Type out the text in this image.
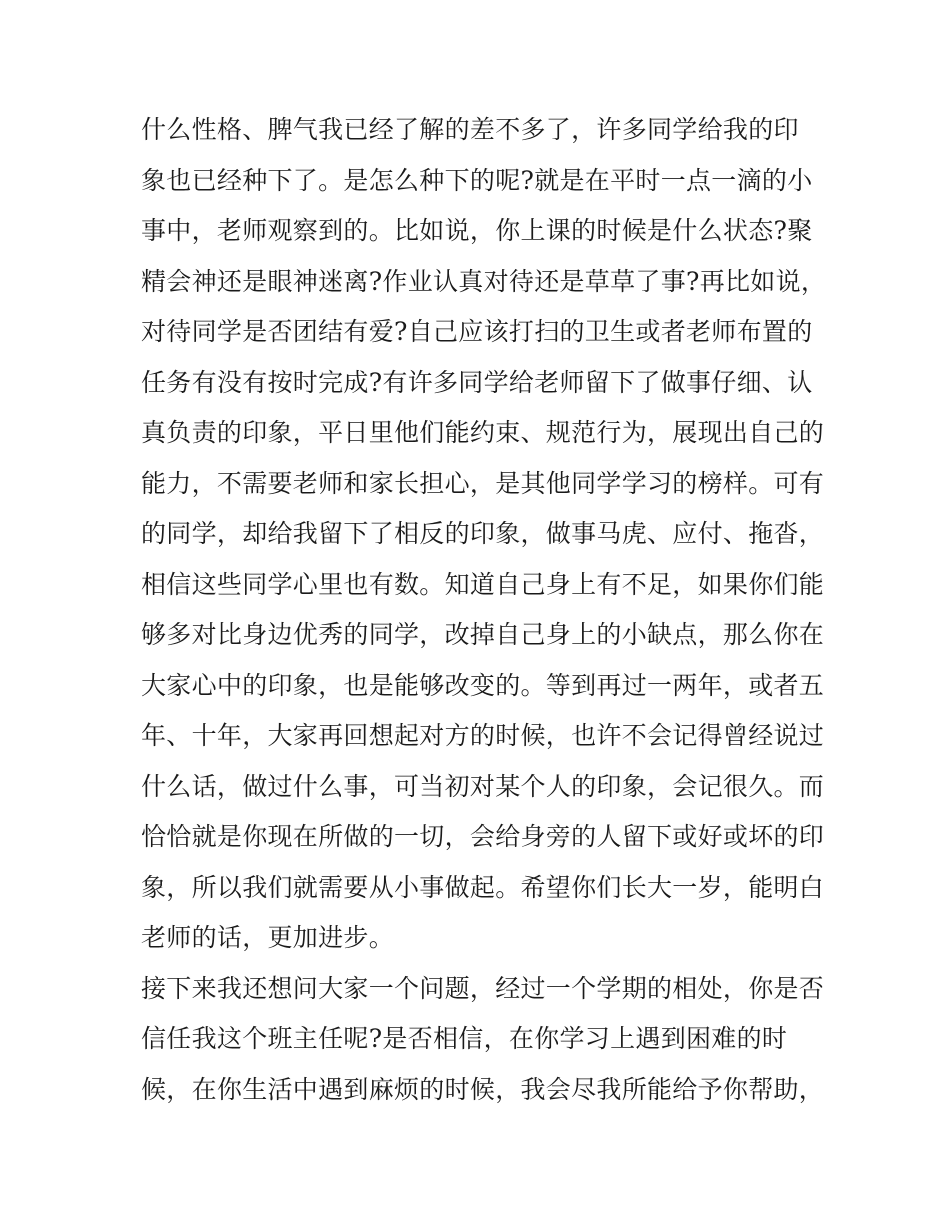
什么性格、脾气我已经了解的差不多了，许多同学给我的印
象也已经种下了。是怎么种下的呢?就是在平时一点一滴的小
事中，老师观察到的。比如说，你上课的时候是什么状态?聚
精会神还是眼神迷离?作业认真对待还是草草了事?再比如说，
对待同学是否团结有爱?自己应该打扫的卫生或者老师布置的
任务有没有按时完成?有许多同学给老师留下了做事仔细、认
真负责的印象，平日里他们能约束、规范行为，展现出自己的
能力，不需要老师和家长担心，是其他同学学习的榜样。可有
的同学，却给我留下了相反的印象，做事马虎、应付、拖沓，
相信这些同学心里也有数。知道自己身上有不足，如果你们能
够多对比身边优秀的同学，改掉自己身上的小缺点，那么你在
大家心中的印象，也是能够改变的。等到再过一两年，或者五
年、十年，大家再回想起对方的时候，也许不会记得曾经说过
什么话，做过什么事，可当初对某个人的印象，会记很久。而
恰恰就是你现在所做的一切，会给身旁的人留下或好或坏的印
象，所以我们就需要从小事做起。希望你们长大一岁，能明白
老师的话，更加进步。
接下来我还想问大家一个问题，经过一个学期的相处，你是否
信任我这个班主任呢?是否相信，在你学习上遇到困难的时
候，在你生活中遇到麻烦的时候，我会尽我所能给予你帮助，
